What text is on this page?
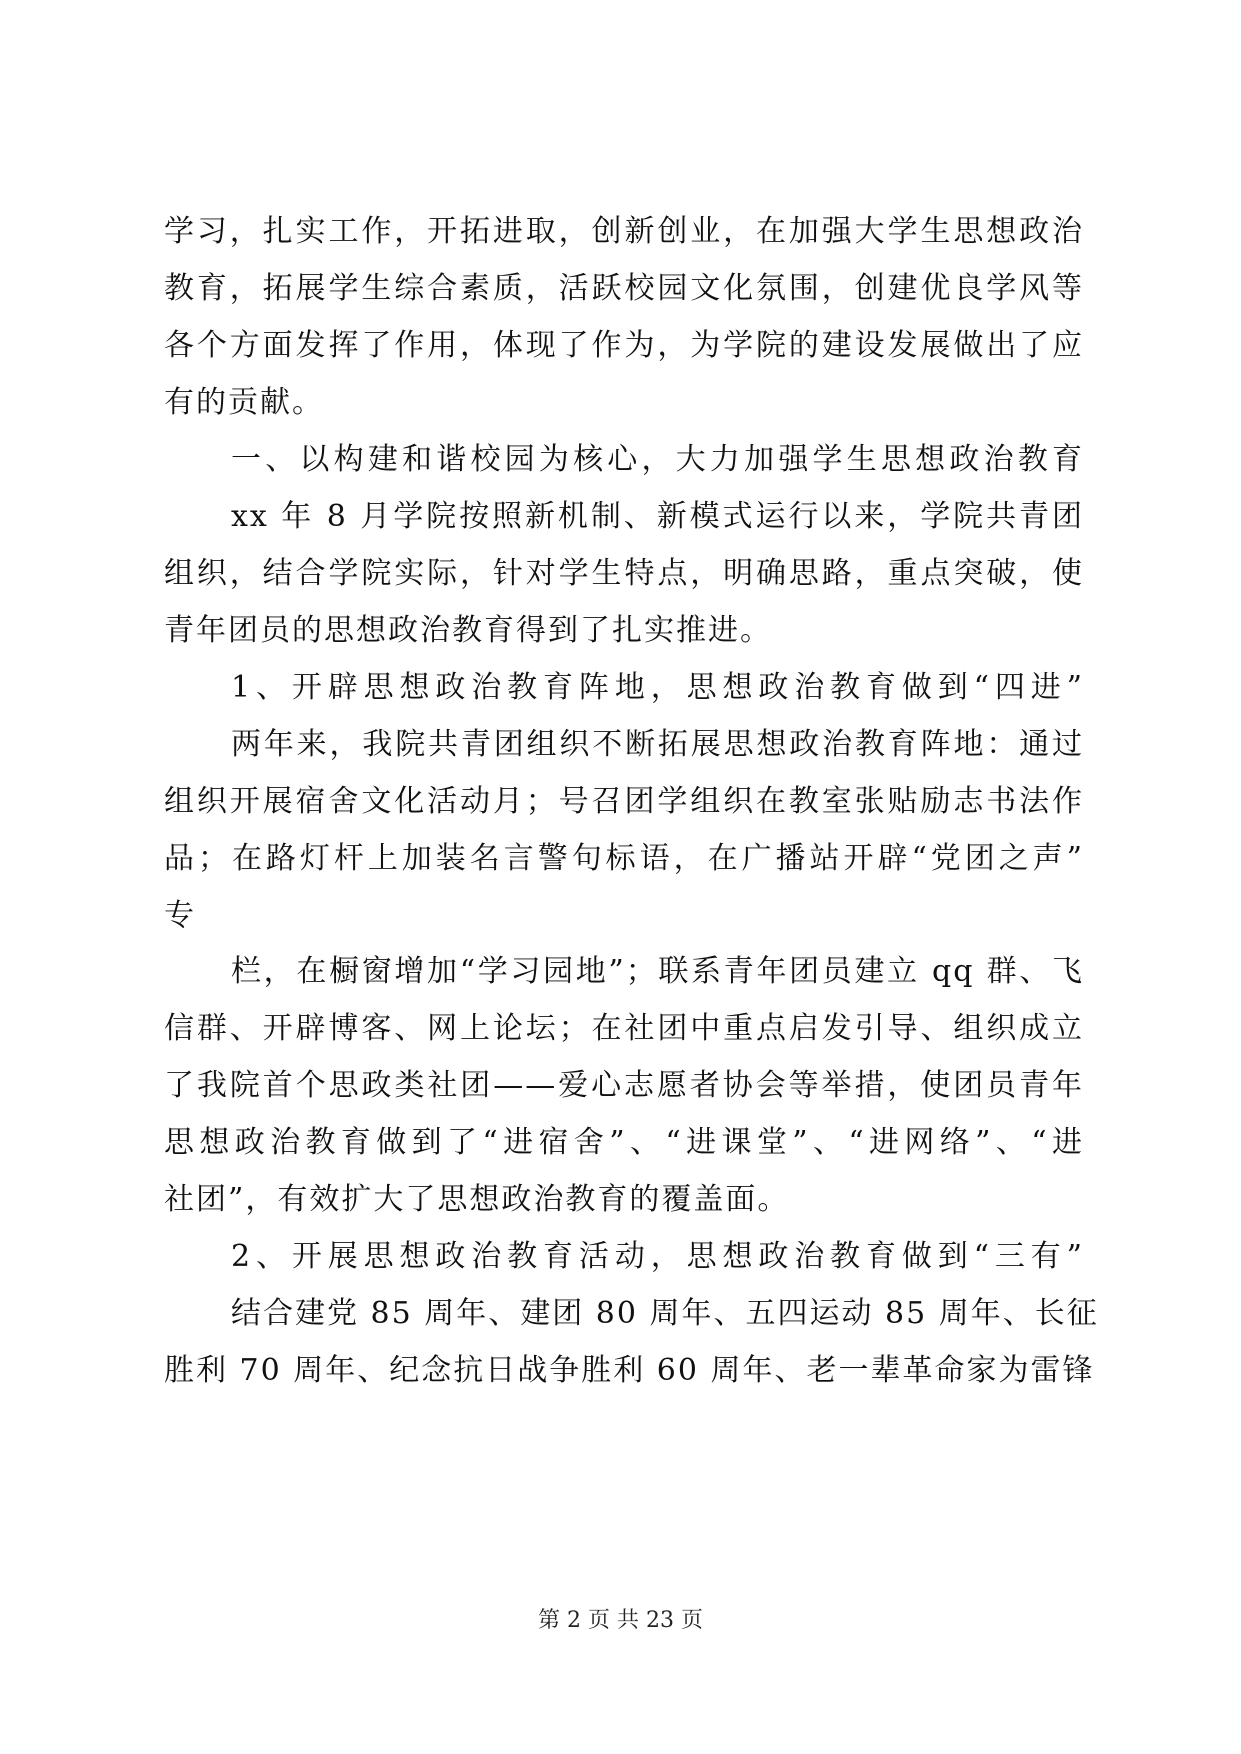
学习，扎实工作，开拓进取，创新创业，在加强大学生思想政治
教育，拓展学生综合素质，活跃校园文化氛围，创建优良学风等
各个方面发挥了作用，体现了作为，为学院的建设发展做出了应
有的贡献。
一、以构建和谐校园为核心，大力加强学生思想政治教育
xx 年 8 月学院按照新机制、新模式运行以来，学院共青团
组织，结合学院实际，针对学生特点，明确思路，重点突破，使
青年团员的思想政治教育得到了扎实推进。
1、开辟思想政治教育阵地，思想政治教育做到“四进”
两年来，我院共青团组织不断拓展思想政治教育阵地：通过
组织开展宿舍文化活动月；号召团学组织在教室张贴励志书法作
品；在路灯杆上加装名言警句标语，在广播站开辟“党团之声”
专
栏，在橱窗增加“学习园地”；联系青年团员建立 qq 群、飞
信群、开辟博客、网上论坛；在社团中重点启发引导、组织成立
了我院首个思政类社团——爱心志愿者协会等举措，使团员青年
思想政治教育做到了“进宿舍”、“进课堂”、“进网络”、“进
社团”，有效扩大了思想政治教育的覆盖面。
2、开展思想政治教育活动，思想政治教育做到“三有”
结合建党 85 周年、建团 80 周年、五四运动 85 周年、长征
胜利 70 周年、纪念抗日战争胜利 60 周年、老一辈革命家为雷锋
第 2 页 共 23 页
